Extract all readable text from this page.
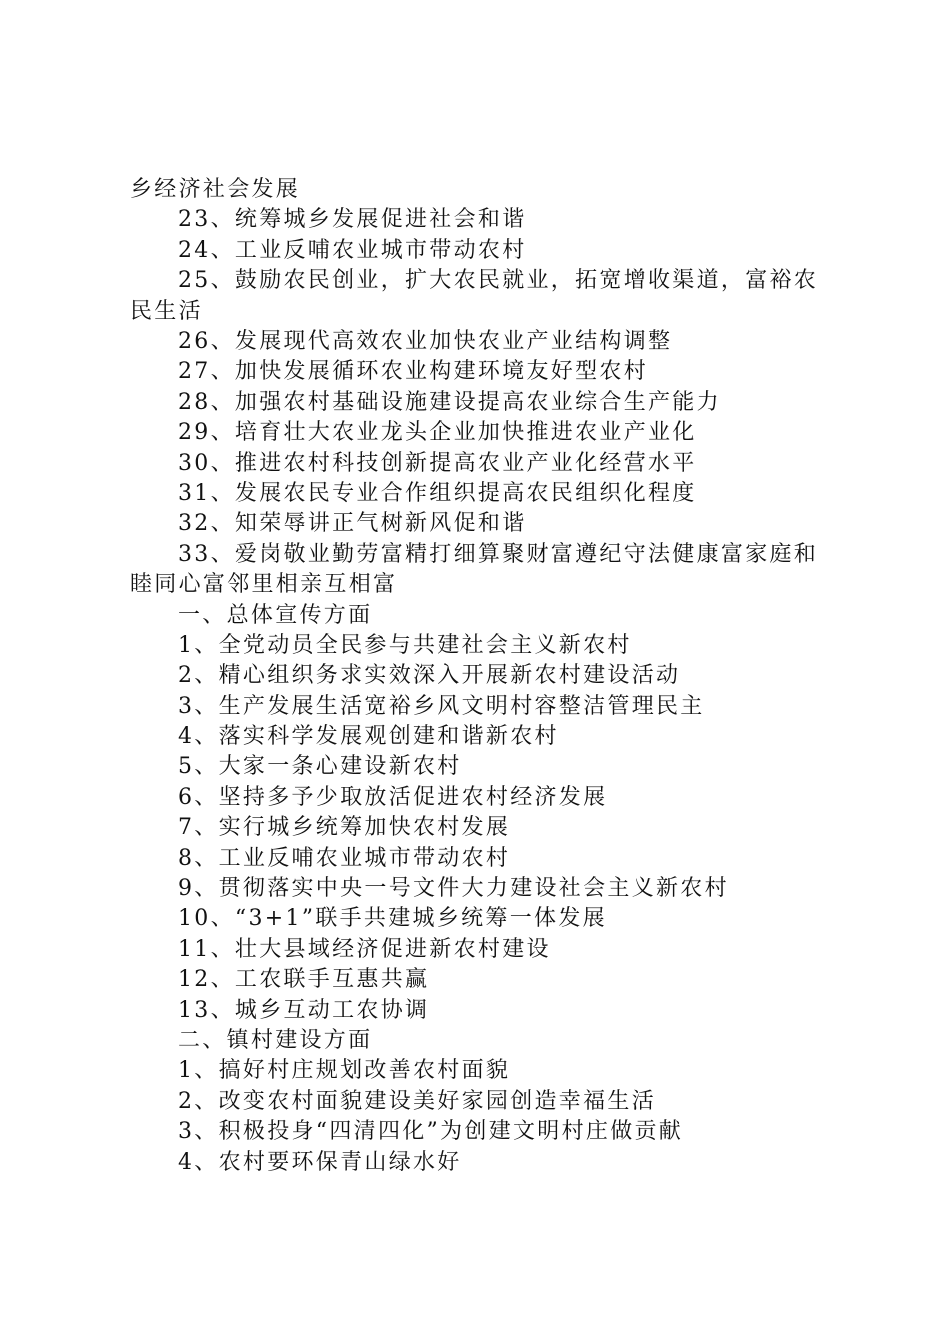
乡经济社会发展
23、统筹城乡发展促进社会和谐
24、工业反哺农业城市带动农村
25、鼓励农民创业，扩大农民就业，拓宽增收渠道，富裕农民生活
26、发展现代高效农业加快农业产业结构调整
27、加快发展循环农业构建环境友好型农村
28、加强农村基础设施建设提高农业综合生产能力
29、培育壮大农业龙头企业加快推进农业产业化
30、推进农村科技创新提高农业产业化经营水平
31、发展农民专业合作组织提高农民组织化程度
32、知荣辱讲正气树新风促和谐
33、爱岗敬业勤劳富精打细算聚财富遵纪守法健康富家庭和睦同心富邻里相亲互相富
一、总体宣传方面
1、全党动员全民参与共建社会主义新农村
2、精心组织务求实效深入开展新农村建设活动
3、生产发展生活宽裕乡风文明村容整洁管理民主
4、落实科学发展观创建和谐新农村
5、大家一条心建设新农村
6、坚持多予少取放活促进农村经济发展
7、实行城乡统筹加快农村发展
8、工业反哺农业城市带动农村
9、贯彻落实中央一号文件大力建设社会主义新农村
10、“3+1”联手共建城乡统筹一体发展
11、壮大县域经济促进新农村建设
12、工农联手互惠共赢
13、城乡互动工农协调
二、镇村建设方面
1、搞好村庄规划改善农村面貌
2、改变农村面貌建设美好家园创造幸福生活
3、积极投身“四清四化”为创建文明村庄做贡献
4、农村要环保青山绿水好
